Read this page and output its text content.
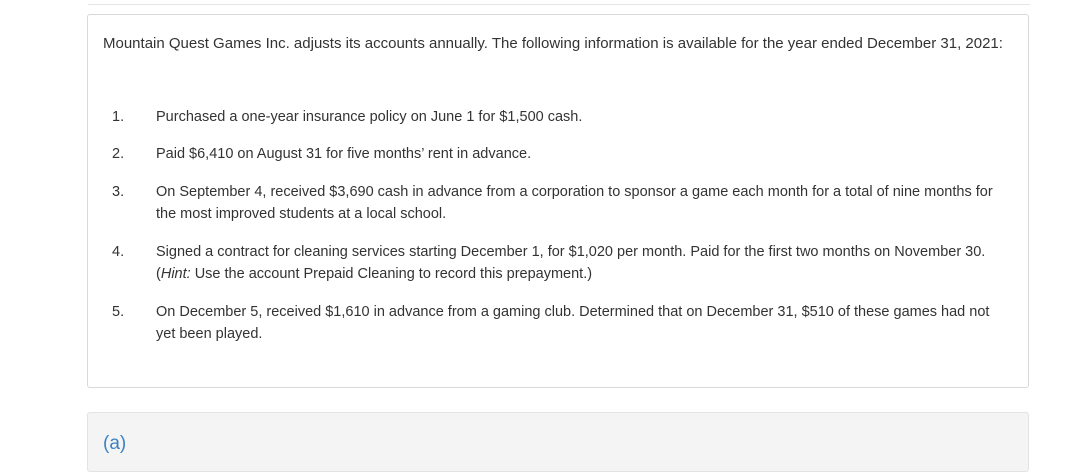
Mountain Quest Games Inc. adjusts its accounts annually. The following information is available for the year ended December 31, 2021:
1.	Purchased a one-year insurance policy on June 1 for $1,500 cash.
2.	Paid $6,410 on August 31 for five months’ rent in advance.
3.	On September 4, received $3,690 cash in advance from a corporation to sponsor a game each month for a total of nine months for the most improved students at a local school.
4.	Signed a contract for cleaning services starting December 1, for $1,020 per month. Paid for the first two months on November 30. (Hint: Use the account Prepaid Cleaning to record this prepayment.)
5.	On December 5, received $1,610 in advance from a gaming club. Determined that on December 31, $510 of these games had not yet been played.
(a)
